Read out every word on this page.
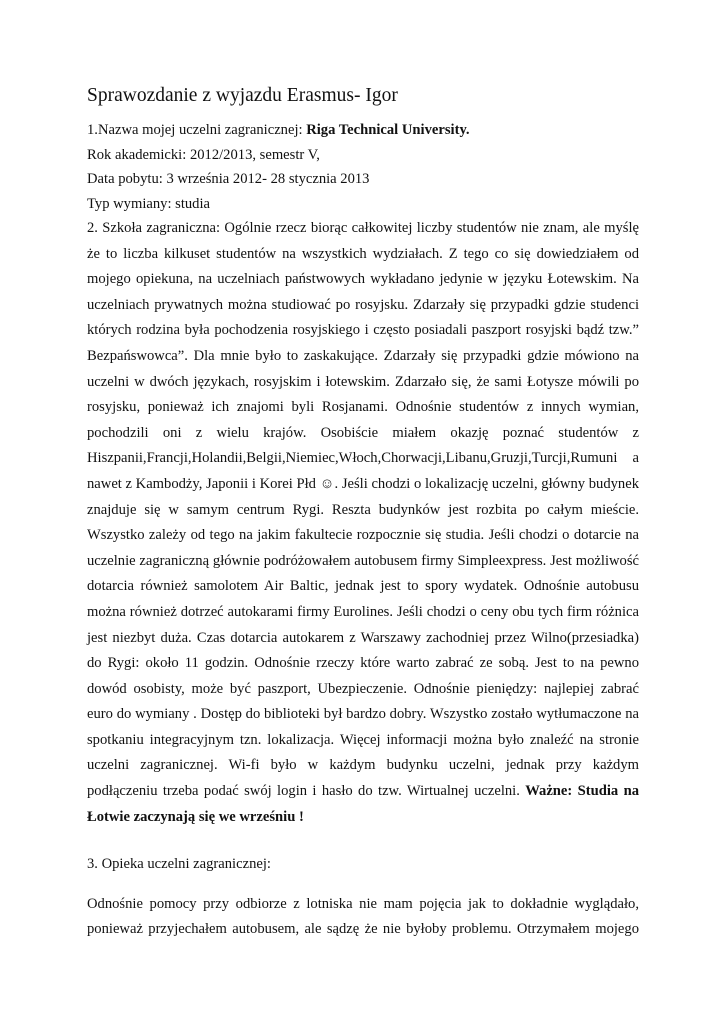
Sprawozdanie z wyjazdu Erasmus- Igor

1.Nazwa mojej uczelni zagranicznej: Riga Technical University.

Rok akademicki: 2012/2013, semestr V,

Data pobytu: 3 września 2012- 28 stycznia 2013

Typ wymiany: studia

2. Szkoła zagraniczna: Ogólnie rzecz biorąc całkowitej liczby studentów nie znam, ale myślę
że to liczba kilkuset studentów na wszystkich wydziałach. Z tego co się dowiedziałem od
mojego opiekuna, na uczelniach państwowych wykładano jedynie w języku Łotewskim. Na
uczelniach prywatnych można studiować po rosyjsku. Zdarzały się przypadki gdzie studenci
których rodzina była pochodzenia rosyjskiego i często posiadali paszport rosyjski bądź tzw.”
Bezpańswowca”. Dla mnie było to zaskakujące. Zdarzały się przypadki gdzie mówiono na
uczelni w dwóch językach, rosyjskim i łotewskim. Zdarzało się, że sami Łotysze mówili po
rosyjsku, ponieważ ich znajomi byli Rosjanami. Odnośnie studentów z innych wymian,
pochodzili oni z wielu krajów. Osobiście miałem okazję poznać studentów z
Hiszpanii,Francji,Holandii,Belgii,Niemiec,Włoch,Chorwacji,Libanu,Gruzji,Turcji,Rumuni a
nawet z Kambodży, Japonii i Korei Płd ☺. Jeśli chodzi o lokalizację uczelni, główny budynek
znajduje się w samym centrum Rygi. Reszta budynków jest rozbita po całym mieście.
Wszystko zależy od tego na jakim fakultecie rozpocznie się studia. Jeśli chodzi o dotarcie na
uczelnie zagraniczną głównie podróżowałem autobusem firmy Simpleexpress. Jest możliwość
dotarcia również samolotem Air Baltic, jednak jest to spory wydatek. Odnośnie autobusu
można również dotrzeć autokarami firmy Eurolines. Jeśli chodzi o ceny obu tych firm różnica
jest niezbyt duża. Czas dotarcia autokarem z Warszawy zachodniej przez Wilno(przesiadka)
do Rygi: około 11 godzin. Odnośnie rzeczy które warto zabrać ze sobą. Jest to na pewno
dowód osobisty, może być paszport, Ubezpieczenie. Odnośnie pieniędzy: najlepiej zabrać
euro do wymiany . Dostęp do biblioteki był bardzo dobry. Wszystko zostało wytłumaczone na
spotkaniu integracyjnym tzn. lokalizacja. Więcej informacji można było znaleźć na stronie
uczelni zagranicznej. Wi-fi było w każdym budynku uczelni, jednak przy każdym
podłączeniu trzeba podać swój login i hasło do tzw. Wirtualnej uczelni. Ważne: Studia na
Łotwie zaczynają się we wrześniu !

3. Opieka uczelni zagranicznej:

Odnośnie pomocy przy odbiorze z lotniska nie mam pojęcia jak to dokładnie wyglądało,
ponieważ przyjechałem autobusem, ale sądzę że nie byłoby problemu. Otrzymałem mojego
